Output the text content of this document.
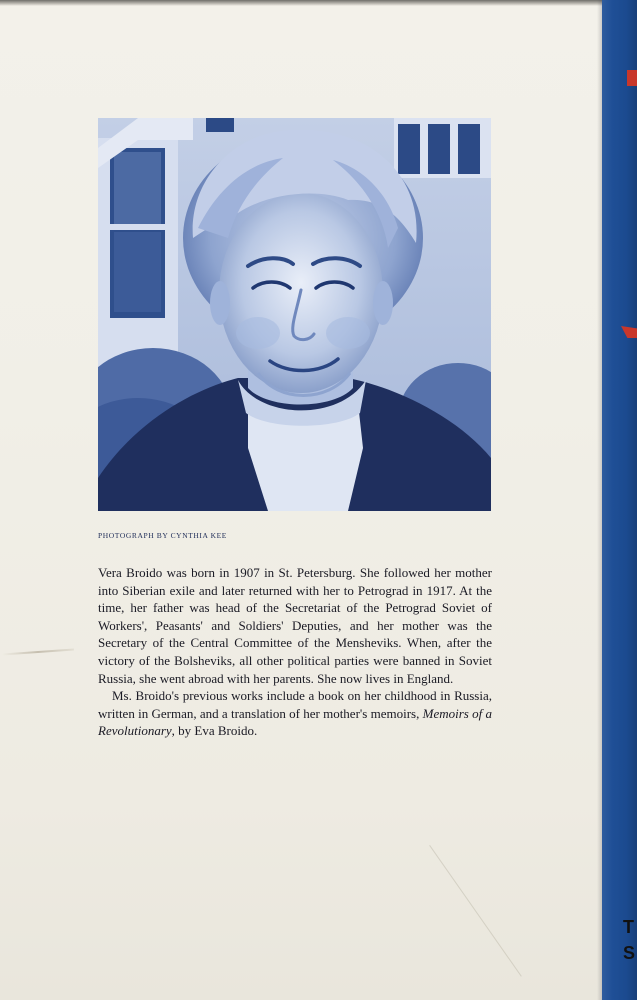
PHOTOGRAPH BY CYNTHIA KEE

Vera Broido was born in 1907 in St. Petersburg. She followed her mother into Siberian exile and later returned with her to Petrograd in 1917. At the time, her father was head of the Secretariat of the Petrograd Soviet of Workers', Peasants' and Soldiers' Deputies, and her mother was the Secretary of the Central Committee of the Mensheviks. When, after the victory of the Bolsheviks, all other political parties were banned in Soviet Russia, she went abroad with her parents. She now lives in England.

Ms. Broido's previous works include a book on her childhood in Russia, written in German, and a translation of her mother's memoirs, Memoirs of a Revolutionary, by Eva Broido.

T
S
